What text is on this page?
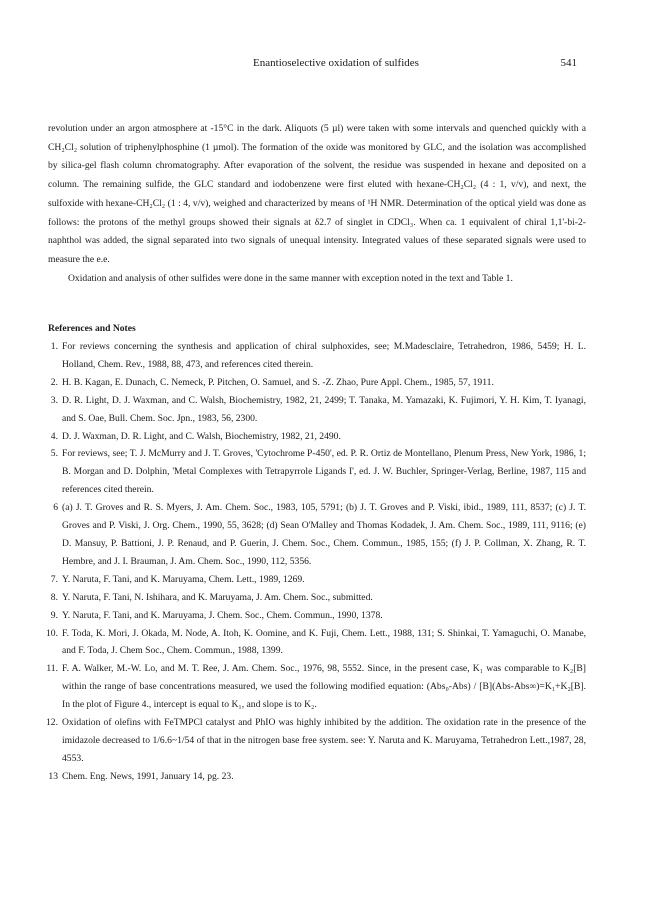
Enantioselective oxidation of sulfides	541

revolution under an argon atmosphere at -15°C in the dark. Aliquots (5 µl) were taken with some intervals and quenched quickly with a CH₂Cl₂ solution of triphenylphosphine (1 µmol). The formation of the oxide was monitored by GLC, and the isolation was accomplished by silica-gel flash column chromatography. After evaporation of the solvent, the residue was suspended in hexane and deposited on a column. The remaining sulfide, the GLC standard and iodobenzene were first eluted with hexane-CH₂Cl₂ (4 : 1, v/v), and next, the sulfoxide with hexane-CH₂Cl₂ (1 : 4, v/v), weighed and characterized by means of ¹H NMR. Determination of the optical yield was done as follows: the protons of the methyl groups showed their signals at δ2.7 of singlet in CDCl₃. When ca. 1 equivalent of chiral 1,1'-bi-2-naphthol was added, the signal separated into two signals of unequal intensity. Integrated values of these separated signals were used to measure the e.e.

Oxidation and analysis of other sulfides were done in the same manner with exception noted in the text and Table 1.

References and Notes
1. For reviews concerning the synthesis and application of chiral sulphoxides, see; M.Madesclaire, Tetrahedron, 1986, 5459; H. L. Holland, Chem. Rev., 1988, 88, 473, and references cited therein.
2. H. B. Kagan, E. Dunach, C. Nemeck, P. Pitchen, O. Samuel, and S. -Z. Zhao, Pure Appl. Chem., 1985, 57, 1911.
3. D. R. Light, D. J. Waxman, and C. Walsh, Biochemistry, 1982, 21, 2499; T. Tanaka, M. Yamazaki, K. Fujimori, Y. H. Kim, T. Iyanagi, and S. Oae, Bull. Chem. Soc. Jpn., 1983, 56, 2300.
4. D. J. Waxman, D. R. Light, and C. Walsh, Biochemistry, 1982, 21, 2490.
5. For reviews, see; T. J. McMurry and J. T. Groves, 'Cytochrome P-450', ed. P. R. Ortiz de Montellano, Plenum Press, New York, 1986, 1; B. Morgan and D. Dolphin, 'Metal Complexes with Tetrapyrrole Ligands I', ed. J. W. Buchler, Springer-Verlag, Berline, 1987, 115 and references cited therein.
6 (a) J. T. Groves and R. S. Myers, J. Am. Chem. Soc., 1983, 105, 5791; (b) J. T. Groves and P. Viski, ibid., 1989, 111, 8537; (c) J. T. Groves and P. Viski, J. Org. Chem., 1990, 55, 3628; (d) Sean O'Malley and Thomas Kodadek, J. Am. Chem. Soc., 1989, 111, 9116; (e) D. Mansuy, P. Battioni, J. P. Renaud, and P. Guerin, J. Chem. Soc., Chem. Commun., 1985, 155; (f) J. P. Collman, X. Zhang, R. T. Hembre, and J. I. Brauman, J. Am. Chem. Soc., 1990, 112, 5356.
7. Y. Naruta, F. Tani, and K. Maruyama, Chem. Lett., 1989, 1269.
8. Y. Naruta, F. Tani, N. Ishihara, and K. Maruyama, J. Am. Chem. Soc., submitted.
9. Y. Naruta, F. Tani, and K. Maruyama, J. Chem. Soc., Chem. Commun., 1990, 1378.
10. F. Toda, K. Mori, J. Okada, M. Node, A. Itoh, K. Oomine, and K. Fuji, Chem. Lett., 1988, 131; S. Shinkai, T. Yamaguchi, O. Manabe, and F. Toda, J. Chem Soc., Chem. Commun., 1988, 1399.
11. F. A. Walker, M.-W. Lo, and M. T. Ree, J. Am. Chem. Soc., 1976, 98, 5552. Since, in the present case, K₁ was comparable to K₂[B] within the range of base concentrations measured, we used the following modified equation: (Abs₀-Abs) / [B](Abs-Abs∞)=K₁+K₂[B]. In the plot of Figure 4., intercept is equal to K₁, and slope is to K₂.
12. Oxidation of olefins with FeTMPCl catalyst and PhIO was highly inhibited by the addition. The oxidation rate in the presence of the imidazole decreased to 1/6.6~1/54 of that in the nitrogen base free system. see: Y. Naruta and K. Maruyama, Tetrahedron Lett.,1987, 28, 4553.
13 Chem. Eng. News, 1991, January 14, pg. 23.
